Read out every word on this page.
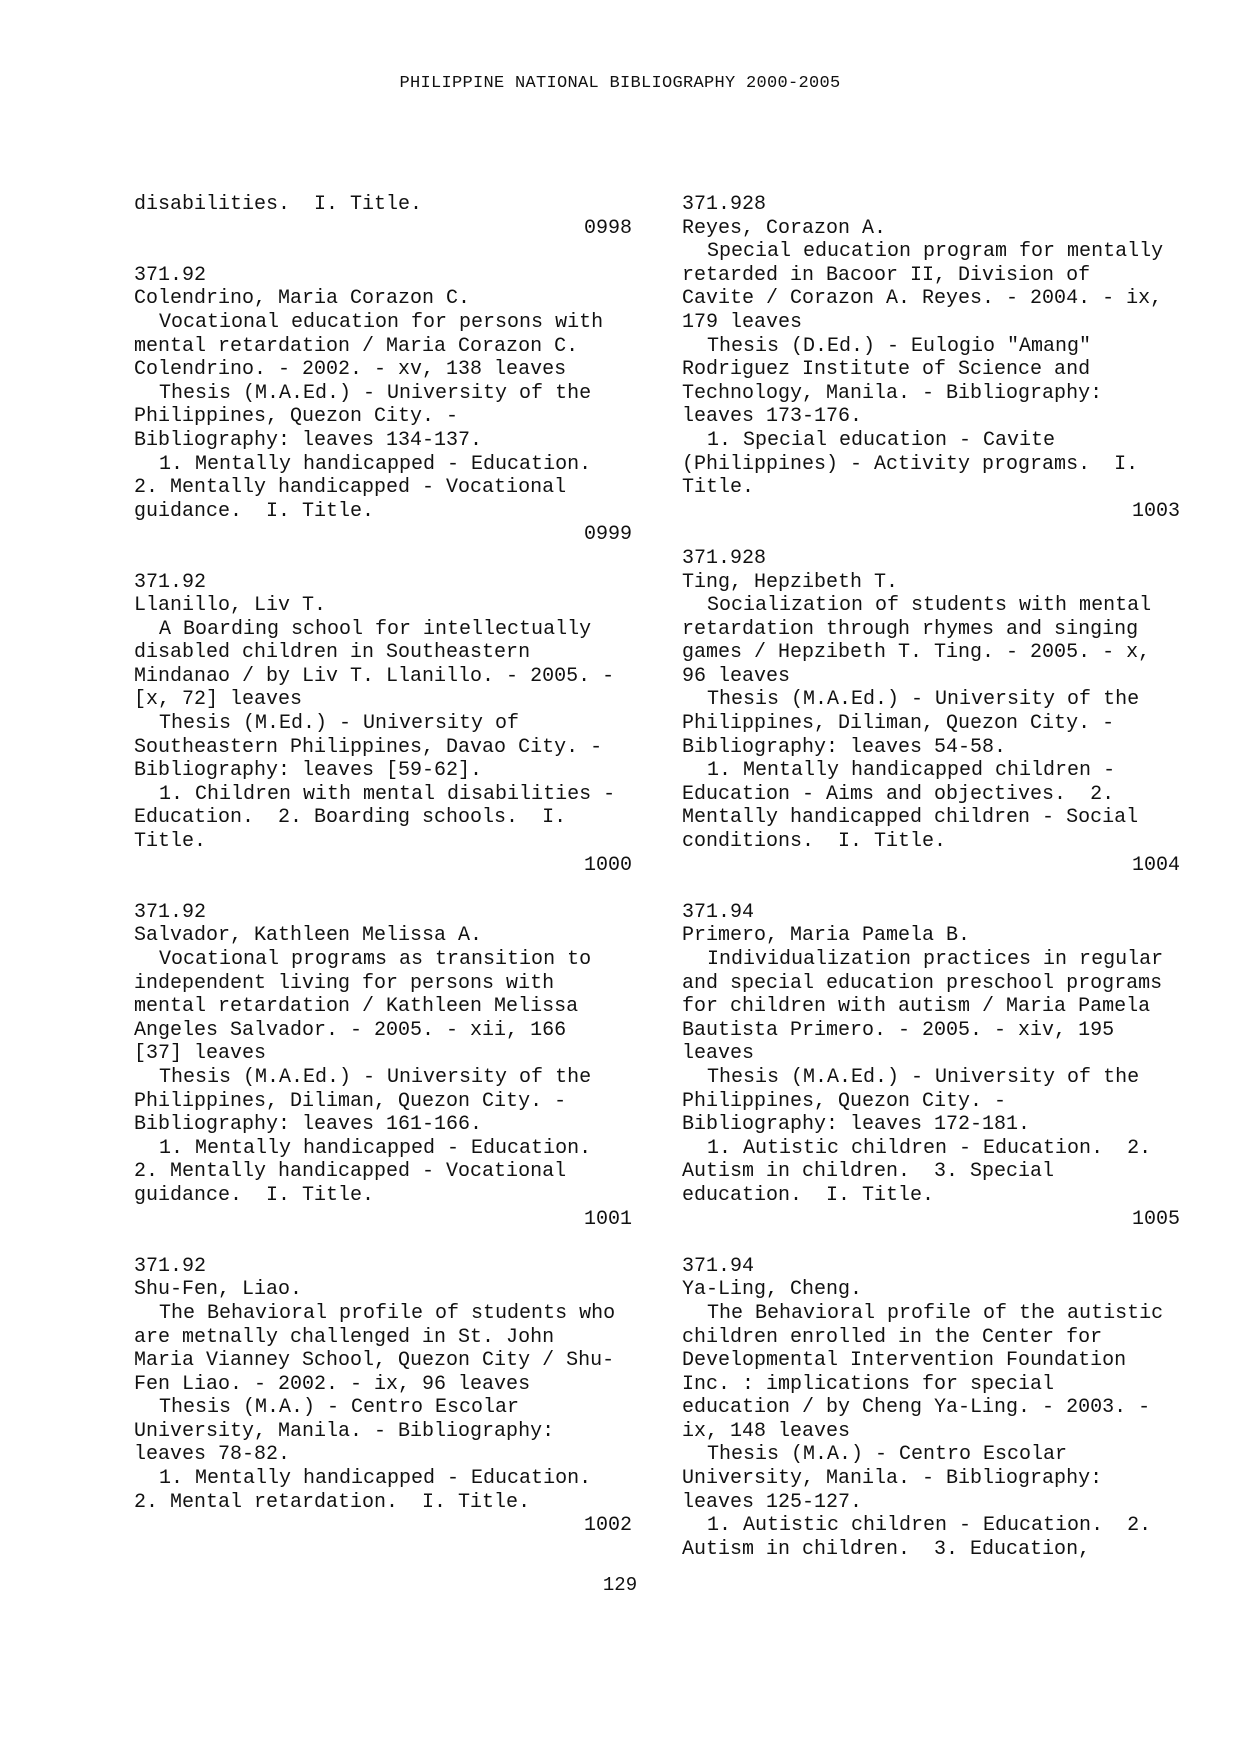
PHILIPPINE NATIONAL BIBLIOGRAPHY 2000-2005
disabilities.  I. Title.
0998
371.92
Colendrino, Maria Corazon C.
Vocational education for persons with
mental retardation / Maria Corazon C.
Colendrino. - 2002. - xv, 138 leaves
Thesis (M.A.Ed.) - University of the
Philippines, Quezon City. -
Bibliography: leaves 134-137.
1. Mentally handicapped - Education.
2. Mentally handicapped - Vocational
guidance.  I. Title.
0999
371.92
Llanillo, Liv T.
A Boarding school for intellectually
disabled children in Southeastern
Mindanao / by Liv T. Llanillo. - 2005. -
[x, 72] leaves
Thesis (M.Ed.) - University of
Southeastern Philippines, Davao City. -
Bibliography: leaves [59-62].
1. Children with mental disabilities -
Education.  2. Boarding schools.  I.
Title.
1000
371.92
Salvador, Kathleen Melissa A.
Vocational programs as transition to
independent living for persons with
mental retardation / Kathleen Melissa
Angeles Salvador. - 2005. - xii, 166
[37] leaves
Thesis (M.A.Ed.) - University of the
Philippines, Diliman, Quezon City. -
Bibliography: leaves 161-166.
1. Mentally handicapped - Education.
2. Mentally handicapped - Vocational
guidance.  I. Title.
1001
371.92
Shu-Fen, Liao.
The Behavioral profile of students who
are metnally challenged in St. John
Maria Vianney School, Quezon City / Shu-
Fen Liao. - 2002. - ix, 96 leaves
Thesis (M.A.) - Centro Escolar
University, Manila. - Bibliography:
leaves 78-82.
1. Mentally handicapped - Education.
2. Mental retardation.  I. Title.
1002
371.928
Reyes, Corazon A.
Special education program for mentally
retarded in Bacoor II, Division of
Cavite / Corazon A. Reyes. - 2004. - ix,
179 leaves
Thesis (D.Ed.) - Eulogio "Amang"
Rodriguez Institute of Science and
Technology, Manila. - Bibliography:
leaves 173-176.
1. Special education - Cavite
(Philippines) - Activity programs.  I.
Title.
1003
371.928
Ting, Hepzibeth T.
Socialization of students with mental
retardation through rhymes and singing
games / Hepzibeth T. Ting. - 2005. - x,
96 leaves
Thesis (M.A.Ed.) - University of the
Philippines, Diliman, Quezon City. -
Bibliography: leaves 54-58.
1. Mentally handicapped children -
Education - Aims and objectives.  2.
Mentally handicapped children - Social
conditions.  I. Title.
1004
371.94
Primero, Maria Pamela B.
Individualization practices in regular
and special education preschool programs
for children with autism / Maria Pamela
Bautista Primero. - 2005. - xiv, 195
leaves
Thesis (M.A.Ed.) - University of the
Philippines, Quezon City. -
Bibliography: leaves 172-181.
1. Autistic children - Education.  2.
Autism in children.  3. Special
education.  I. Title.
1005
371.94
Ya-Ling, Cheng.
The Behavioral profile of the autistic
children enrolled in the Center for
Developmental Intervention Foundation
Inc. : implications for special
education / by Cheng Ya-Ling. - 2003. -
ix, 148 leaves
Thesis (M.A.) - Centro Escolar
University, Manila. - Bibliography:
leaves 125-127.
1. Autistic children - Education.  2.
Autism in children.  3. Education,
129
